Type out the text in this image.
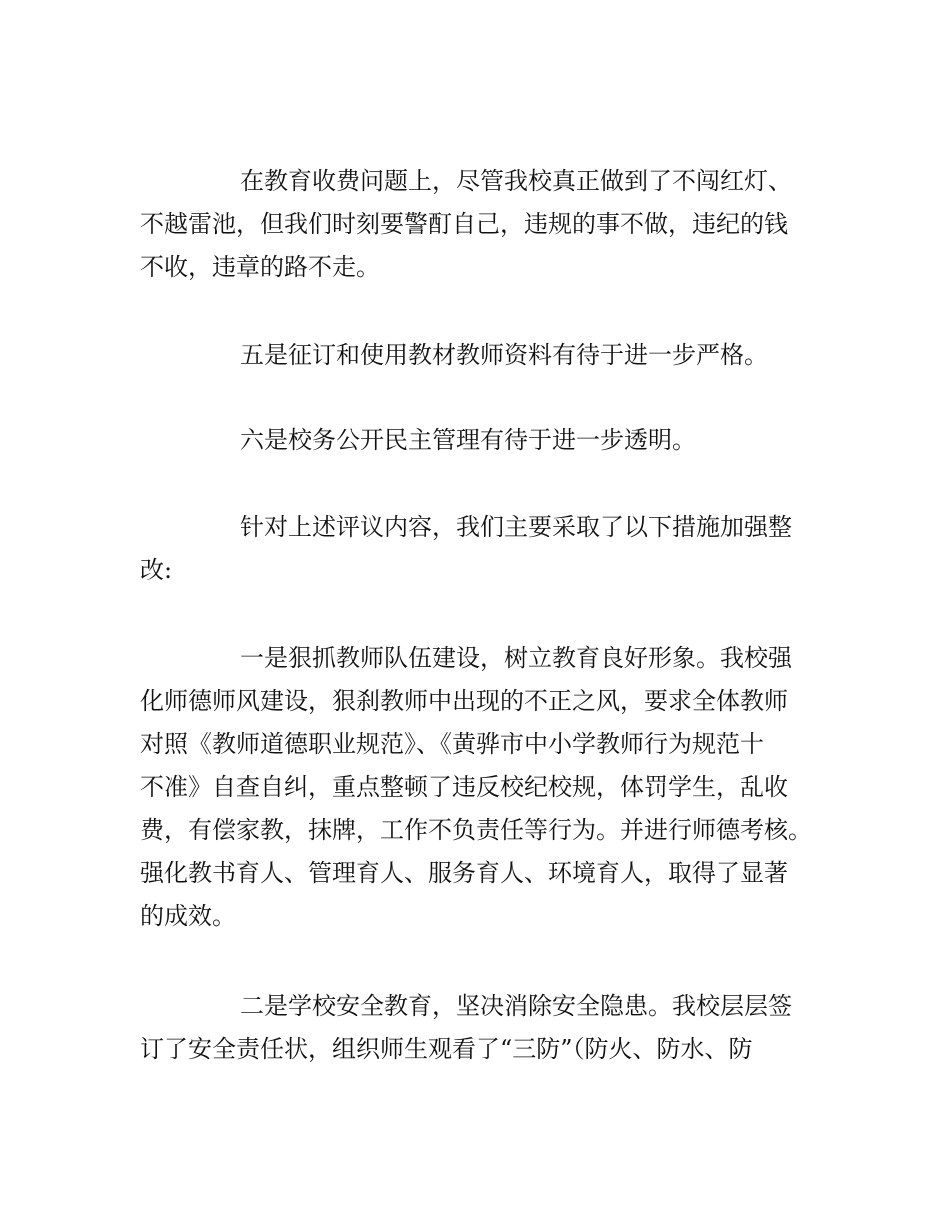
在教育收费问题上，尽管我校真正做到了不闯红灯、
不越雷池，但我们时刻要警酊自己，违规的事不做，违纪的钱
不收，违章的路不走。

五是征订和使用教材教师资料有待于进一步严格。

六是校务公开民主管理有待于进一步透明。

针对上述评议内容，我们主要采取了以下措施加强整
改:

一是狠抓教师队伍建设，树立教育良好形象。我校强
化师德师风建设，狠刹教师中出现的不正之风，要求全体教师
对照《教师道德职业规范》、《黄骅市中小学教师行为规范十
不准》自查自纠，重点整顿了违反校纪校规，体罚学生，乱收
费，有偿家教，抹牌，工作不负责任等行为。并进行师德考核。
强化教书育人、管理育人、服务育人、环境育人，取得了显著
的成效。

二是学校安全教育，坚决消除安全隐患。我校层层签
订了安全责任状，组织师生观看了“三防”（防火、防水、防
